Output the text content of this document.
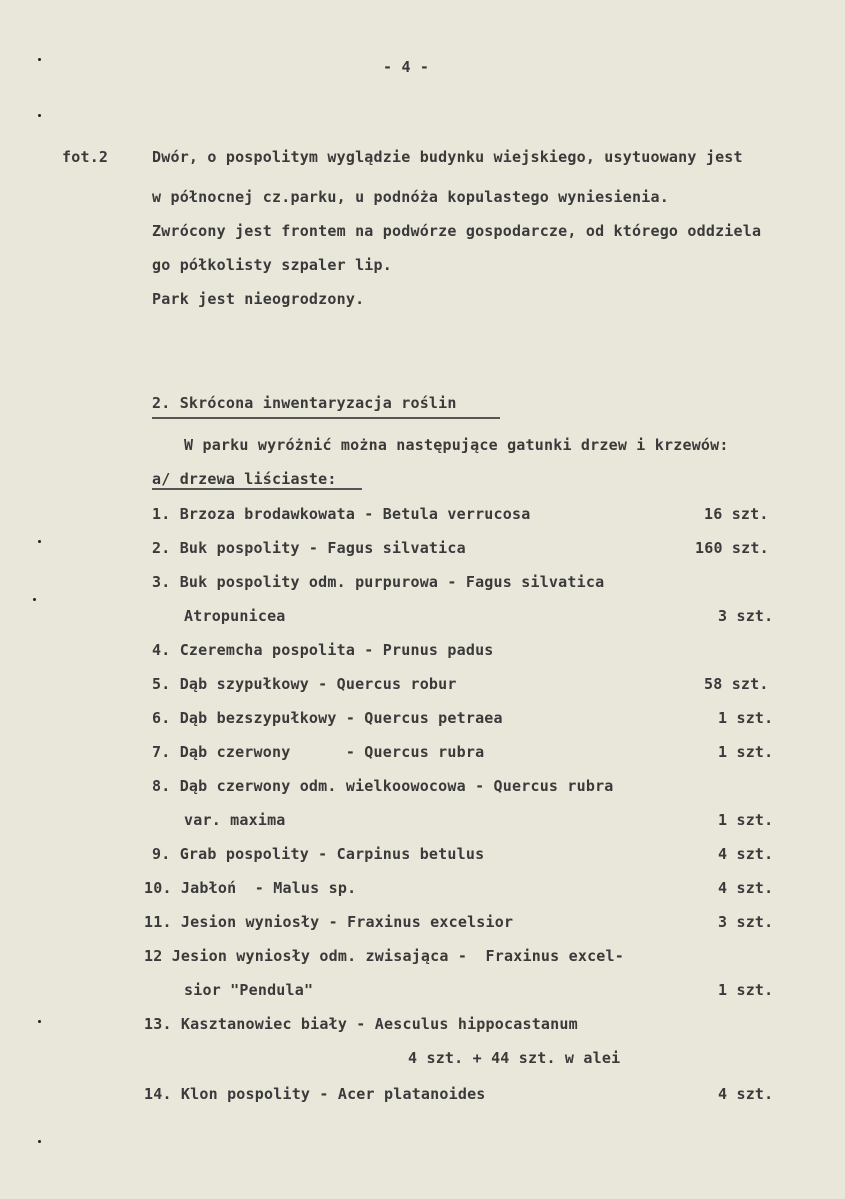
- 4 -
fot.2	Dwór, o pospolitym wyglądzie budynku wiejskiego, usytuowany jest
w północnej cz.parku, u podnóża kopulastego wyniesienia.
Zwrócony jest frontem na podwórze gospodarcze, od którego oddziela
go półkolisty szpaler lip.
Park jest nieogrodzony.
2. Skrócona inwentaryzacja roślin
W parku wyróżnić można następujące gatunki drzew i krzewów:
a/ drzewa liściaste:
1. Brzoza brodawkowata - Betula verrucosa	16 szt.
2. Buk pospolity - Fagus silvatica	160 szt.
3. Buk pospolity odm. purpurowa - Fagus silvatica
Atropunicea	3 szt.
4. Czeremcha pospolita - Prunus padus
5. Dąb szypułkowy - Quercus robur	58 szt.
6. Dąb bezszypułkowy - Quercus petraea	1 szt.
7. Dąb czerwony      - Quercus rubra	1 szt.
8. Dąb czerwony odm. wielkoowocowa - Quercus rubra
var. maxima	1 szt.
9. Grab pospolity - Carpinus betulus	4 szt.
10. Jabłoń  - Malus sp.	4 szt.
11. Jesion wyniosły - Fraxinus excelsior	3 szt.
12 Jesion wyniosły odm. zwisająca -  Fraxinus excel-
sior "Pendula"	1 szt.
13. Kasztanowiec biały - Aesculus hippocastanum
4 szt. + 44 szt. w alei
14. Klon pospolity - Acer platanoides	4 szt.
